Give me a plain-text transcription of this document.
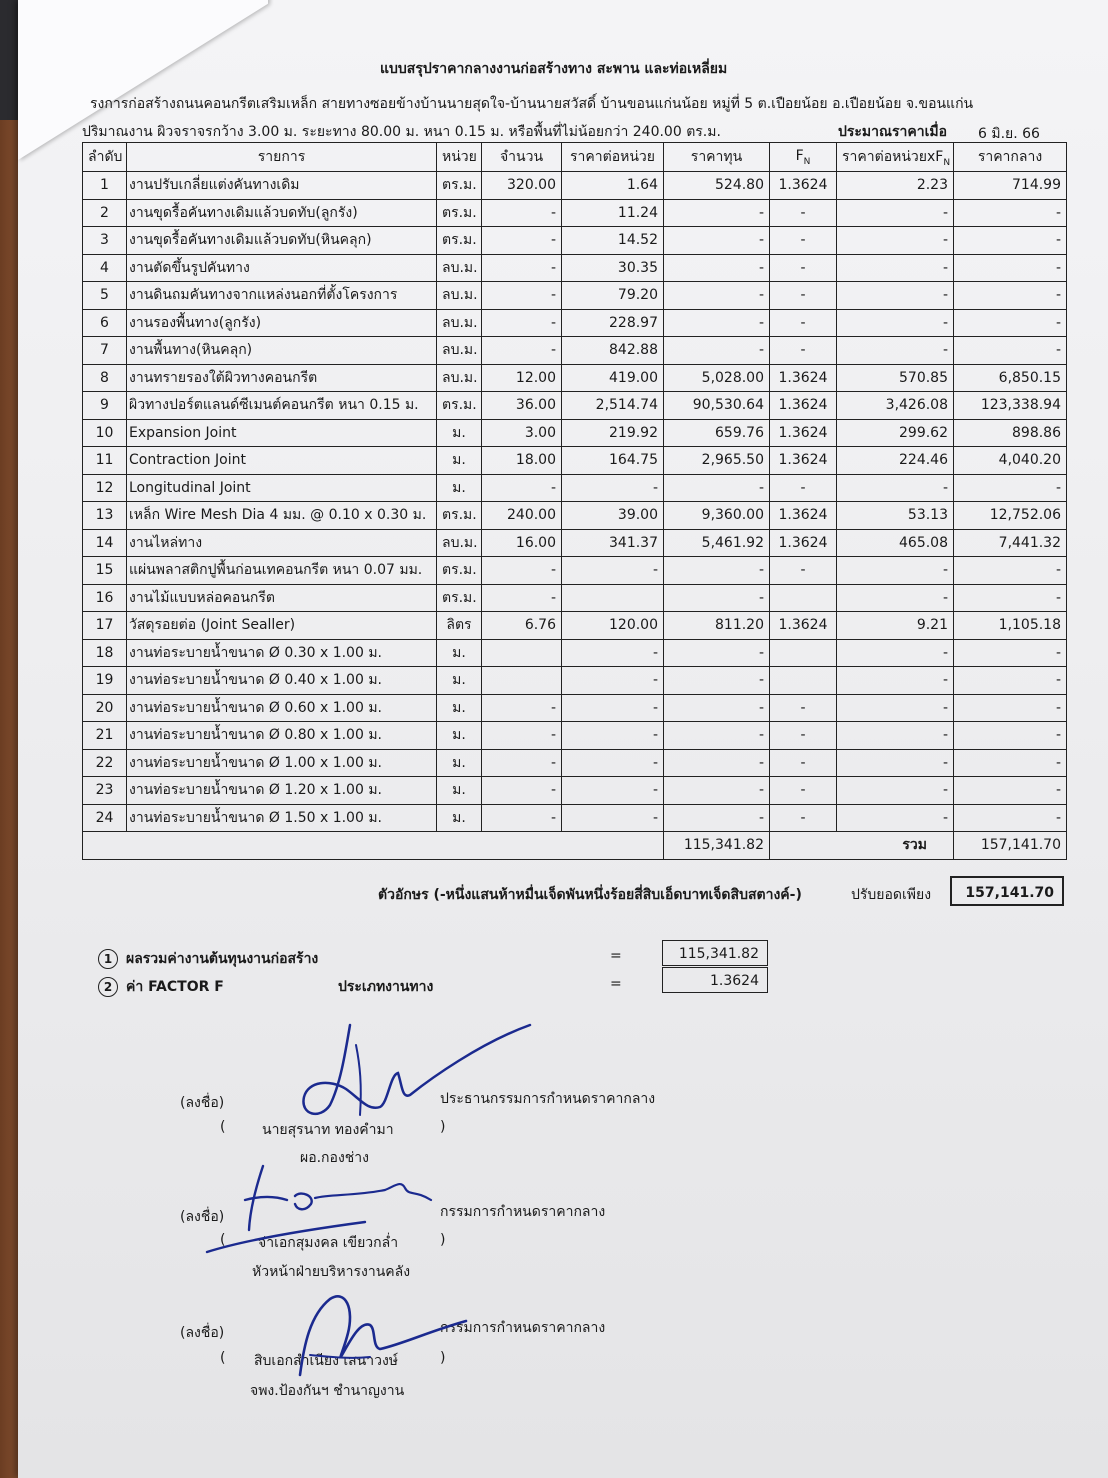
แบบสรุปราคากลางงานก่อสร้างทาง สะพาน และท่อเหลี่ยม
รงการก่อสร้างถนนคอนกรีตเสริมเหล็ก สายทางซอยข้างบ้านนายสุดใจ-บ้านนายสวัสดิ์ บ้านขอนแก่นน้อย หมู่ที่ 5 ต.เปือยน้อย อ.เปือยน้อย จ.ขอนแก่น
ปริมาณงาน ผิวจราจรกว้าง 3.00 ม. ระยะทาง 80.00 ม. หนา 0.15 ม. หรือพื้นที่ไม่น้อยกว่า 240.00 ตร.ม.	ประมาณราคาเมื่อ 6 มิ.ย. 66
ลำดับ	รายการ	หน่วย	จำนวน	ราคาต่อหน่วย	ราคาทุน	$F_N$	ราคาต่อหน่วย$xF_N$	ราคากลาง
1	งานปรับเกลี่ยแต่งคันทางเดิม	ตร.ม.	320.00	1.64	524.80	1.3624	2.23	714.99
2	งานขุดรื้อคันทางเดิมแล้วบดทับ(ลูกรัง)	ตร.ม.	-	11.24	-	-	-	-
3	งานขุดรื้อคันทางเดิมแล้วบดทับ(หินคลุก)	ตร.ม.	-	14.52	-	-	-	-
4	งานตัดขึ้นรูปคันทาง	ลบ.ม.	-	30.35	-	-	-	-
5	งานดินถมคันทางจากแหล่งนอกที่ตั้งโครงการ	ลบ.ม.	-	79.20	-	-	-	-
6	งานรองพื้นทาง(ลูกรัง)	ลบ.ม.	-	228.97	-	-	-	-
7	งานพื้นทาง(หินคลุก)	ลบ.ม.	-	842.88	-	-	-	-
8	งานทรายรองใต้ผิวทางคอนกรีต	ลบ.ม.	12.00	419.00	5,028.00	1.3624	570.85	6,850.15
9	ผิวทางปอร์ตแลนด์ซีเมนต์คอนกรีต หนา 0.15 ม.	ตร.ม.	36.00	2,514.74	90,530.64	1.3624	3,426.08	123,338.94
10	Expansion Joint	ม.	3.00	219.92	659.76	1.3624	299.62	898.86
11	Contraction Joint	ม.	18.00	164.75	2,965.50	1.3624	224.46	4,040.20
12	Longitudinal Joint	ม.	-	-	-	-	-	-
13	เหล็ก Wire Mesh Dia 4 มม. @ 0.10 x 0.30 ม.	ตร.ม.	240.00	39.00	9,360.00	1.3624	53.13	12,752.06
14	งานไหล่ทาง	ลบ.ม.	16.00	341.37	5,461.92	1.3624	465.08	7,441.32
15	แผ่นพลาสติกปูพื้นก่อนเทคอนกรีต หนา 0.07 มม.	ตร.ม.	-	-	-	-	-	-
16	งานไม้แบบหล่อคอนกรีต	ตร.ม.	-		-		-	-
17	วัสดุรอยต่อ (Joint Sealler)	ลิตร	6.76	120.00	811.20	1.3624	9.21	1,105.18
18	งานท่อระบายน้ำขนาด Ø 0.30 x 1.00 ม.	ม.		-	-		-	-
19	งานท่อระบายน้ำขนาด Ø 0.40 x 1.00 ม.	ม.		-	-		-	-
20	งานท่อระบายน้ำขนาด Ø 0.60 x 1.00 ม.	ม.	-	-	-	-	-	-
21	งานท่อระบายน้ำขนาด Ø 0.80 x 1.00 ม.	ม.	-	-	-	-	-	-
22	งานท่อระบายน้ำขนาด Ø 1.00 x 1.00 ม.	ม.	-	-	-	-	-	-
23	งานท่อระบายน้ำขนาด Ø 1.20 x 1.00 ม.	ม.	-	-	-	-	-	-
24	งานท่อระบายน้ำขนาด Ø 1.50 x 1.00 ม.	ม.	-	-	-	-	-	-
					115,341.82	รวม		157,141.70
ตัวอักษร (-หนึ่งแสนห้าหมื่นเจ็ดพันหนึ่งร้อยสี่สิบเอ็ดบาทเจ็ดสิบสตางค์-)	ปรับยอดเพียง	157,141.70
1 ผลรวมค่างานต้นทุนงานก่อสร้าง	=	115,341.82
2 ค่า FACTOR F	ประเภทงานทาง	=	1.3624
(ลงชื่อ)	ประธานกรรมการกำหนดราคากลาง
(	นายสุรนาท ทองคำมา	)
ผอ.กองช่าง
(ลงชื่อ)	กรรมการกำหนดราคากลาง
( จ่าเอกสุมงคล เขียวกล่ำ	)
หัวหน้าฝ่ายบริหารงานคลัง
(ลงชื่อ)	กรรมการกำหนดราคากลาง
( สิบเอกสำเนียง เสนาวงษ์	)
จพง.ป้องกันฯ ชำนาญงาน
